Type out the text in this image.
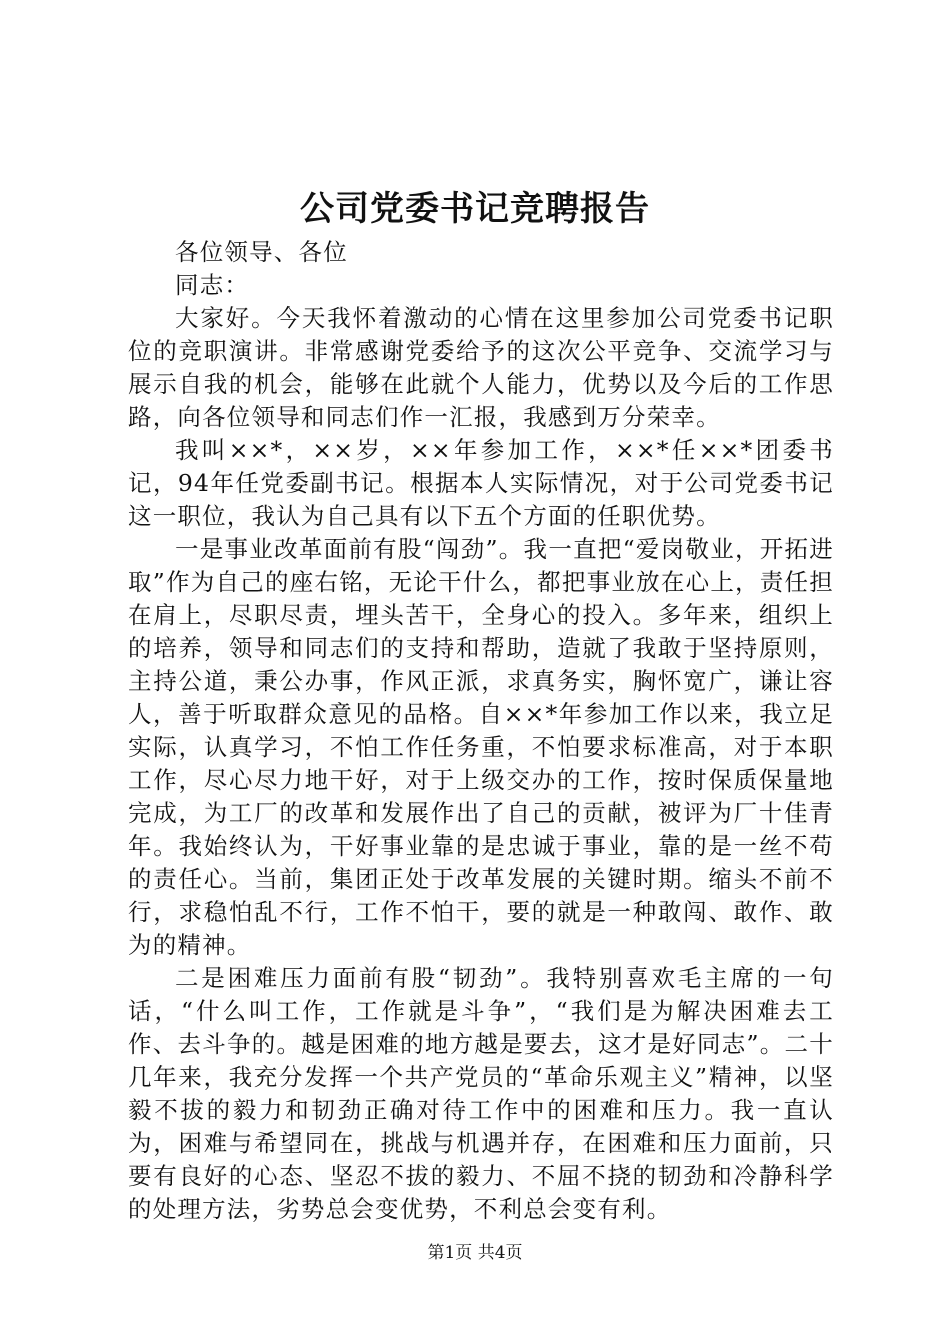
公司党委书记竞聘报告

各位领导、各位

同志：

大家好。今天我怀着激动的心情在这里参加公司党委书记职位的竞职演讲。非常感谢党委给予的这次公平竞争、交流学习与展示自我的机会，能够在此就个人能力，优势以及今后的工作思路，向各位领导和同志们作一汇报，我感到万分荣幸。

我叫××*，××岁，××年参加工作，××*任××*团委书记，94年任党委副书记。根据本人实际情况，对于公司党委书记这一职位，我认为自己具有以下五个方面的任职优势。

一是事业改革面前有股“闯劲”。我一直把“爱岗敬业，开拓进取”作为自己的座右铭，无论干什么，都把事业放在心上，责任担在肩上，尽职尽责，埋头苦干，全身心的投入。多年来，组织上的培养，领导和同志们的支持和帮助，造就了我敢于坚持原则，主持公道，秉公办事，作风正派，求真务实，胸怀宽广，谦让容人，善于听取群众意见的品格。自××*年参加工作以来，我立足实际，认真学习，不怕工作任务重，不怕要求标准高，对于本职工作，尽心尽力地干好，对于上级交办的工作，按时保质保量地完成，为工厂的改革和发展作出了自己的贡献，被评为厂十佳青年。我始终认为，干好事业靠的是忠诚于事业，靠的是一丝不苟的责任心。当前，集团正处于改革发展的关键时期。缩头不前不行，求稳怕乱不行，工作不怕干，要的就是一种敢闯、敢作、敢为的精神。

二是困难压力面前有股“韧劲”。我特别喜欢毛主席的一句话，“什么叫工作，工作就是斗争”，“我们是为解决困难去工作、去斗争的。越是困难的地方越是要去，这才是好同志”。二十几年来，我充分发挥一个共产党员的“革命乐观主义”精神，以坚毅不拔的毅力和韧劲正确对待工作中的困难和压力。我一直认为，困难与希望同在，挑战与机遇并存，在困难和压力面前，只要有良好的心态、坚忍不拔的毅力、不屈不挠的韧劲和冷静科学的处理方法，劣势总会变优势，不利总会变有利。

第1页 共4页
